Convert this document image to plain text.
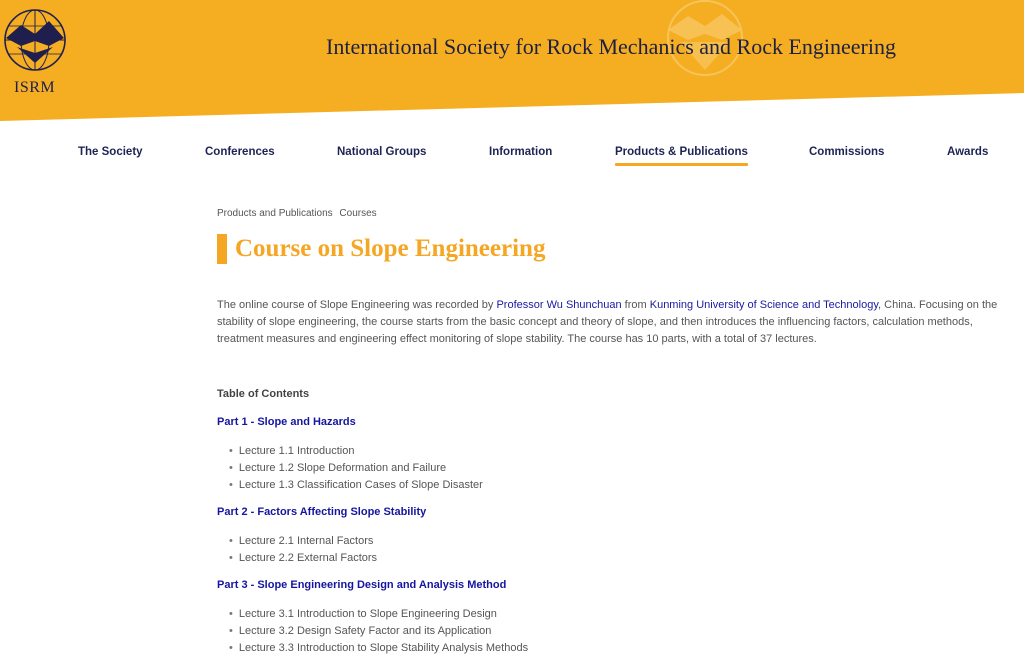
ISRM
International Society for Rock Mechanics and Rock Engineering
The Society	Conferences	National Groups	Information	Products & Publications	Commissions	Awards
Products and Publications Courses
Course on Slope Engineering

The online course of Slope Engineering was recorded by Professor Wu Shunchuan from Kunming University of Science and Technology, China. Focusing on the stability of slope engineering, the course starts from the basic concept and theory of slope, and then introduces the influencing factors, calculation methods, treatment measures and engineering effect monitoring of slope stability. The course has 10 parts, with a total of 37 lectures.

Table of Contents
Part 1 - Slope and Hazards
• Lecture 1.1 Introduction
• Lecture 1.2 Slope Deformation and Failure
• Lecture 1.3 Classification Cases of Slope Disaster
Part 2 - Factors Affecting Slope Stability
• Lecture 2.1 Internal Factors
• Lecture 2.2 External Factors
Part 3 - Slope Engineering Design and Analysis Method
• Lecture 3.1 Introduction to Slope Engineering Design
• Lecture 3.2 Design Safety Factor and its Application
• Lecture 3.3 Introduction to Slope Stability Analysis Methods
